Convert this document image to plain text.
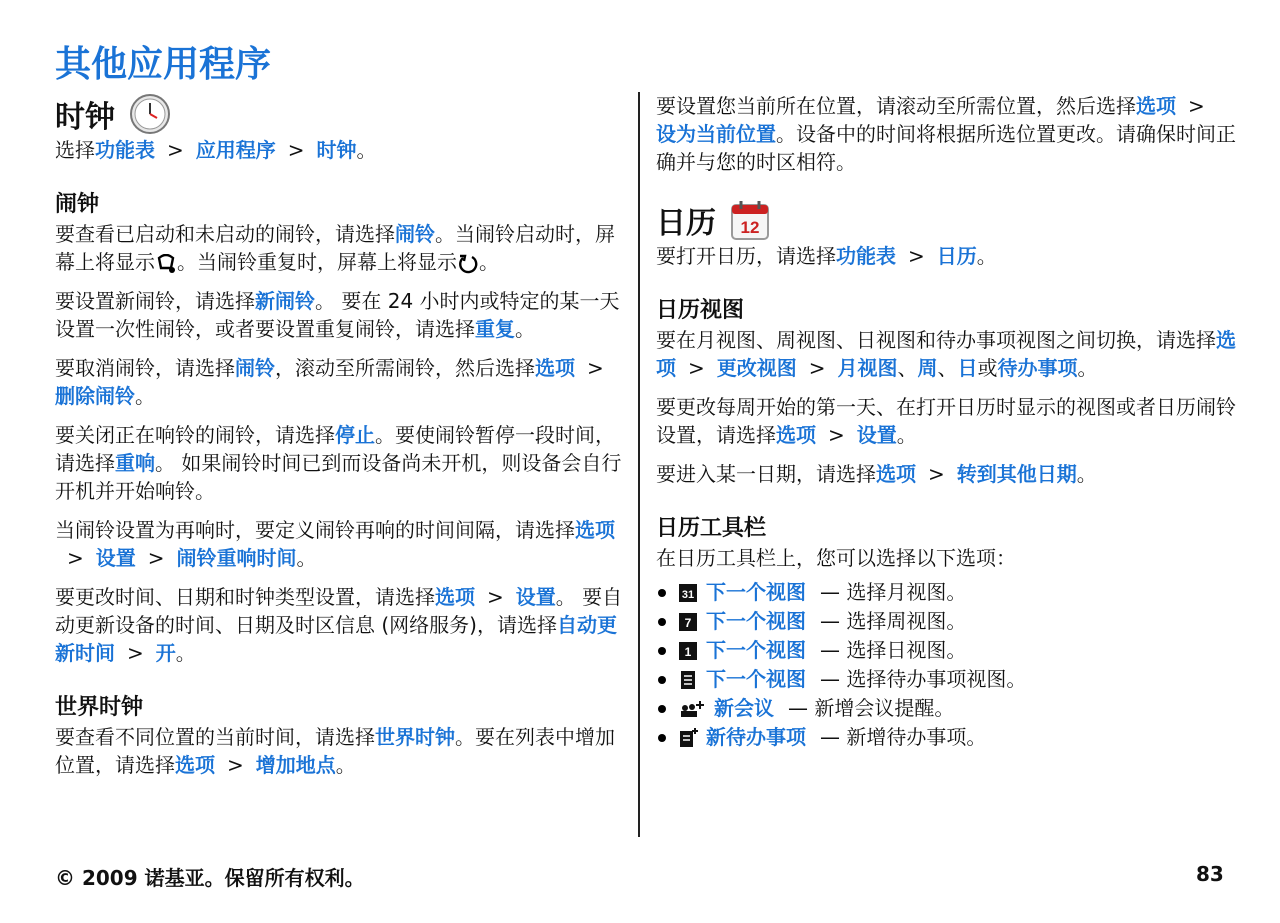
其他应用程序
时钟

选择功能表 > 应用程序 > 时钟。

闹钟

要查看已启动和未启动的闹铃，请选择闹铃。当闹铃启动时，屏幕上将显示 。当闹铃重复时，屏幕上将显示 。

要设置新闹铃，请选择新闹铃。 要在 24 小时内或特定的某一天设置一次性闹铃，或者要设置重复闹铃，请选择重复。

要取消闹铃，请选择闹铃，滚动至所需闹铃，然后选择选项 >删除闹铃。

要关闭正在响铃的闹铃，请选择停止。要使闹铃暂停一段时间，请选择重响。 如果闹铃时间已到而设备尚未开机，则设备会自行开机并开始响铃。

当闹铃设置为再响时，要定义闹铃再响的时间间隔，请选择选项> 设置 > 闹铃重响时间。

要更改时间、日期和时钟类型设置，请选择选项 > 设置。 要自动更新设备的时间、日期及时区信息 (网络服务)，请选择自动更新时间 > 开。

世界时钟

要查看不同位置的当前时间，请选择世界时钟。要在列表中增加位置，请选择选项 > 增加地点。

要设置您当前所在位置，请滚动至所需位置，然后选择选项 >设为当前位置。设备中的时间将根据所选位置更改。请确保时间正确并与您的时区相符。

日历 12

要打开日历，请选择功能表 > 日历。

日历视图

要在月视图、周视图、日视图和待办事项视图之间切换，请选择选项 > 更改视图 > 月视图、周、日或待办事项。

要更改每周开始的第一天、在打开日历时显示的视图或者日历闹铃设置，请选择选项 > 设置。

要进入某一日期，请选择选项 > 转到其他日期。

日历工具栏

在日历工具栏上，您可以选择以下选项：

31 下一个视图 — 选择月视图。
7 下一个视图 — 选择周视图。
1 下一个视图 — 选择日视图。
下一个视图 — 选择待办事项视图。
新会议 — 新增会议提醒。
新待办事项 — 新增待办事项。
© 2009 诺基亚。保留所有权利。	83
